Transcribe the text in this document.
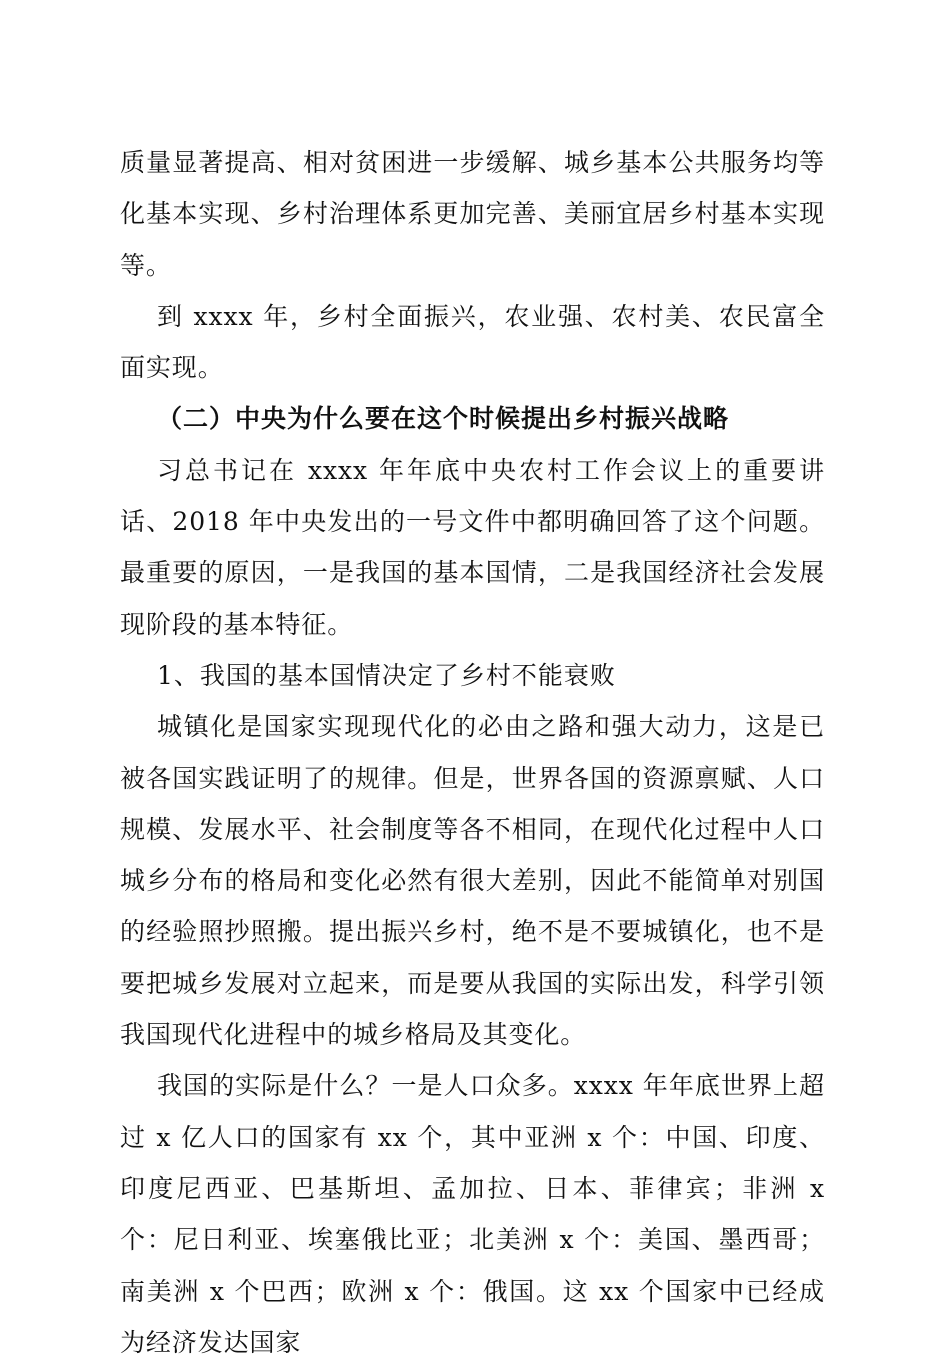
质量显著提高、相对贫困进一步缓解、城乡基本公共服务均等化基本实现、乡村治理体系更加完善、美丽宜居乡村基本实现等。

到 xxxx 年，乡村全面振兴，农业强、农村美、农民富全面实现。

（二）中央为什么要在这个时候提出乡村振兴战略

习总书记在 xxxx 年年底中央农村工作会议上的重要讲话、2018 年中央发出的一号文件中都明确回答了这个问题。最重要的原因，一是我国的基本国情，二是我国经济社会发展现阶段的基本特征。

1、我国的基本国情决定了乡村不能衰败

城镇化是国家实现现代化的必由之路和强大动力，这是已被各国实践证明了的规律。但是，世界各国的资源禀赋、人口规模、发展水平、社会制度等各不相同，在现代化过程中人口城乡分布的格局和变化必然有很大差别，因此不能简单对别国的经验照抄照搬。提出振兴乡村，绝不是不要城镇化，也不是要把城乡发展对立起来，而是要从我国的实际出发，科学引领我国现代化进程中的城乡格局及其变化。

我国的实际是什么？一是人口众多。xxxx 年年底世界上超过 x 亿人口的国家有 xx 个，其中亚洲 x 个：中国、印度、印度尼西亚、巴基斯坦、孟加拉、日本、菲律宾；非洲 x 个：尼日利亚、埃塞俄比亚；北美洲 x 个：美国、墨西哥；南美洲 x 个巴西；欧洲 x 个：俄国。这 xx 个国家中已经成为经济发达国家
